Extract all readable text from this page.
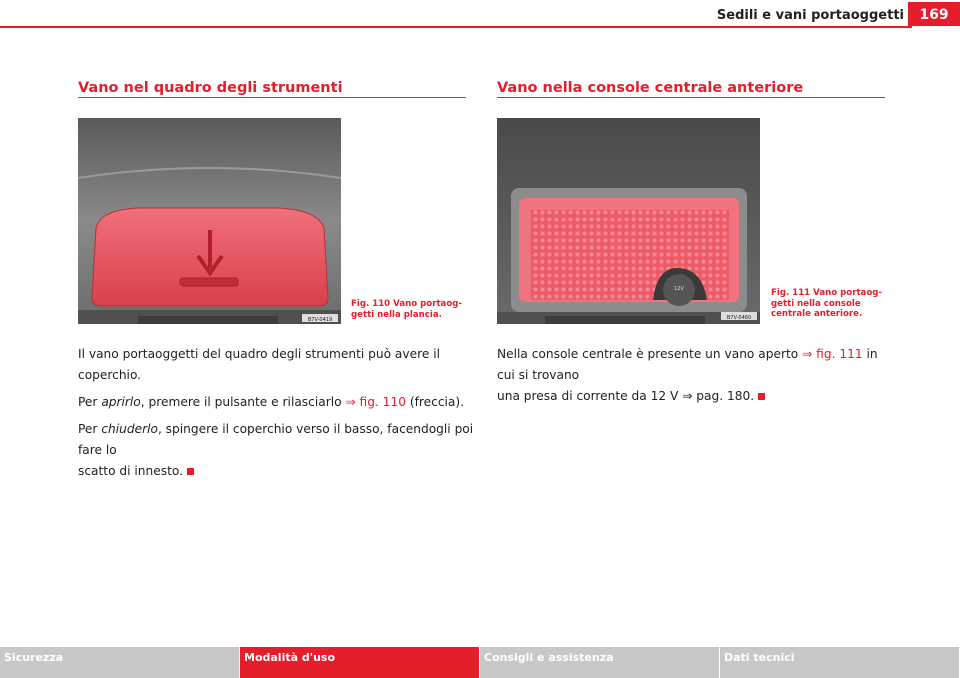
Sedili e vani portaoggetti	169
Vano nel quadro degli strumenti
B7V-0419
Fig. 110 Vano portaog-
getti nella plancia.

Il vano portaoggetti del quadro degli strumenti può avere il coperchio.

Per aprirlo, premere il pulsante e rilasciarlo ⇒ fig. 110 (freccia).

Per chiuderlo, spingere il coperchio verso il basso, facendogli poi fare lo
scatto di innesto.

Vano nella console centrale anteriore
12V
B7V-0460
Fig. 111 Vano portaog-
getti nella console
centrale anteriore.

Nella console centrale è presente un vano aperto ⇒ fig. 111 in cui si trovano
una presa di corrente da 12 V ⇒ pag. 180.

Sicurezza	Modalità d'uso	Consigli e assistenza	Dati tecnici
